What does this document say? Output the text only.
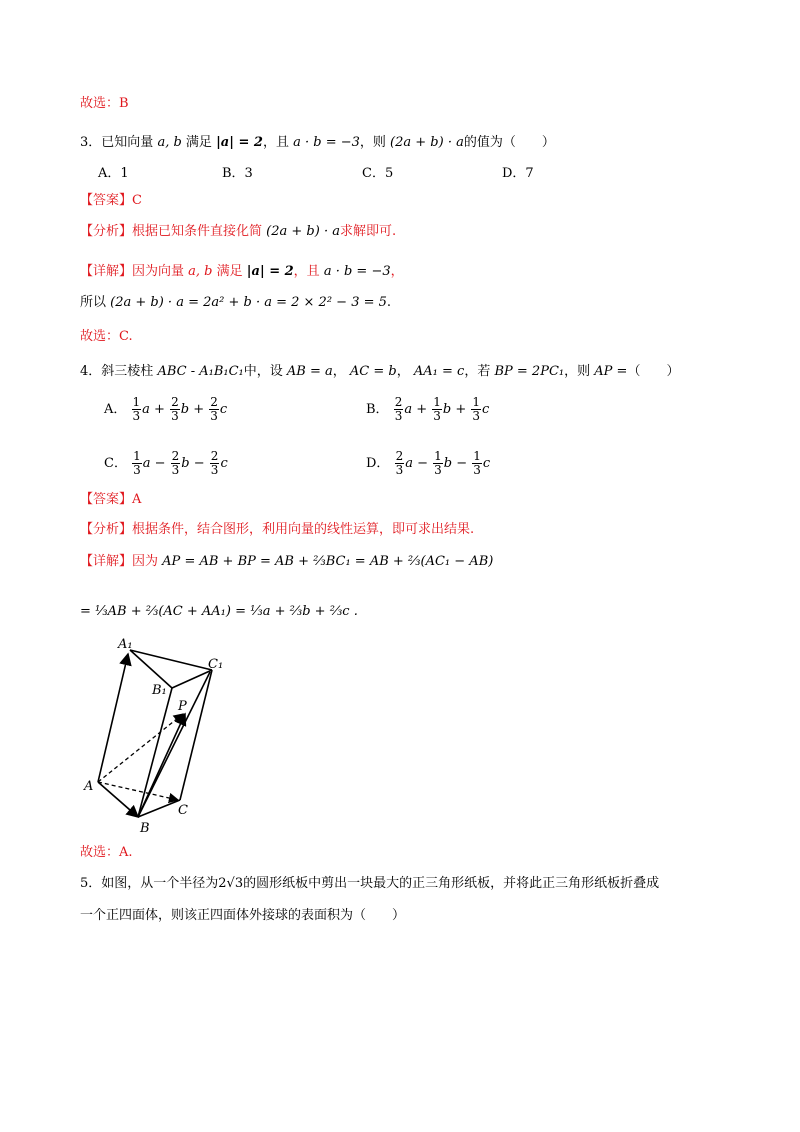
故选：B
3．已知向量 a, b 满足 |a| = 2，且 a · b = −3，则 (2a + b) · a的值为（　　）
A．1	B．3	C．5	D．7
【答案】C
【分析】根据已知条件直接化简 (2a + b) · a求解即可.
【详解】因为向量 a, b 满足 |a| = 2，且 a · b = −3，
所以 (2a + b) · a = 2a² + b · a = 2 × 2² − 3 = 5.
故选：C.
4．斜三棱柱 ABC - A₁B₁C₁中，设 AB = a， AC = b， AA₁ = c，若 BP = 2PC₁，则 AP =（　　）
A． $\frac{1}{3}$ $a + \frac{2}{3}$ $b + \frac{2}{3}$ c	B． $\frac{2}{3}$ $a + \frac{1}{3}$ $b + \frac{1}{3}$ c
C． $\frac{1}{3}$ $a - \frac{2}{3}$ $b - \frac{2}{3}$ c	D． $\frac{2}{3}$ $a - \frac{1}{3}$ $b - \frac{1}{3}$ c
【答案】A
【分析】根据条件，结合图形，利用向量的线性运算，即可求出结果.
【详解】因为 AP = AB + BP = AB + ⅔BC₁ = AB + ⅔(AC₁ − AB)
= ⅓AB + ⅔(AC + AA₁) = ⅓a + ⅔b + ⅔c .
A₁
C₁
B₁
P
A
B
C
故选：A.
5．如图，从一个半径为2√3的圆形纸板中剪出一块最大的正三角形纸板，并将此正三角形纸板折叠成
一个正四面体，则该正四面体外接球的表面积为（　　）
